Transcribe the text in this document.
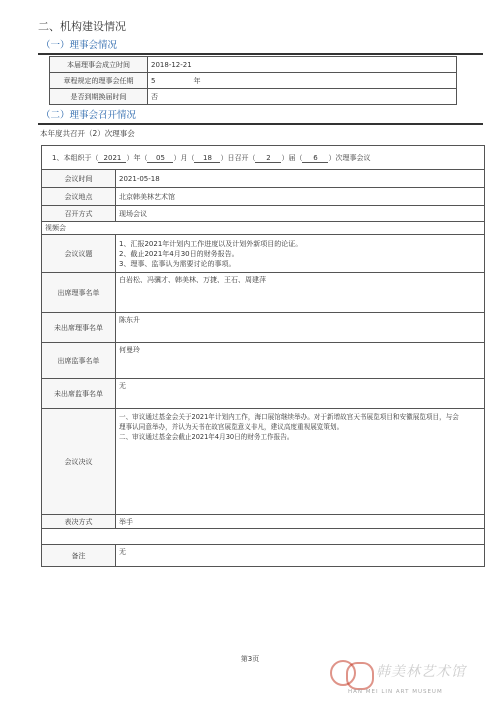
二、机构建设情况
（一）理事会情况
本届理事会成立时间	2018-12-21
章程规定的理事会任期	5 年
是否到期换届时间	否
（二）理事会召开情况
本年度共召开（2）次理事会
1、本组织于（ 2021 ）年（ 05 ）月（ 18 ）日召开（ 2 ）届（ 6 ）次理事会议	
会议时间	2021-05-18
会议地点	北京韩美林艺术馆
召开方式	现场会议
视频会	
会议议题	1、汇报2021年计划内工作进度以及计划外新项目的论证。
2、截止2021年4月30日的财务报告。
3、理事、监事认为需要讨论的事项。

出席理事名单	白岩松、冯骥才、韩美林、万捷、王石、周建萍
未出席理事名单	陈东升
出席监事名单	何曼玲
未出席监事名单	无
会议决议	一、审议通过基金会关于2021年计划内工作，海口展馆继续举办。对于新增故宫天书展览项目和安徽展览项目，与会
理事认同意举办，并认为天书在故宫展览意义非凡，建议高度重视展览策划。
二、审议通过基金会截止2021年4月30日的财务工作报告。

表决方式	举手

备注	无
第3页
韩美林艺术馆
HAN MEI LIN ART MUSEUM
